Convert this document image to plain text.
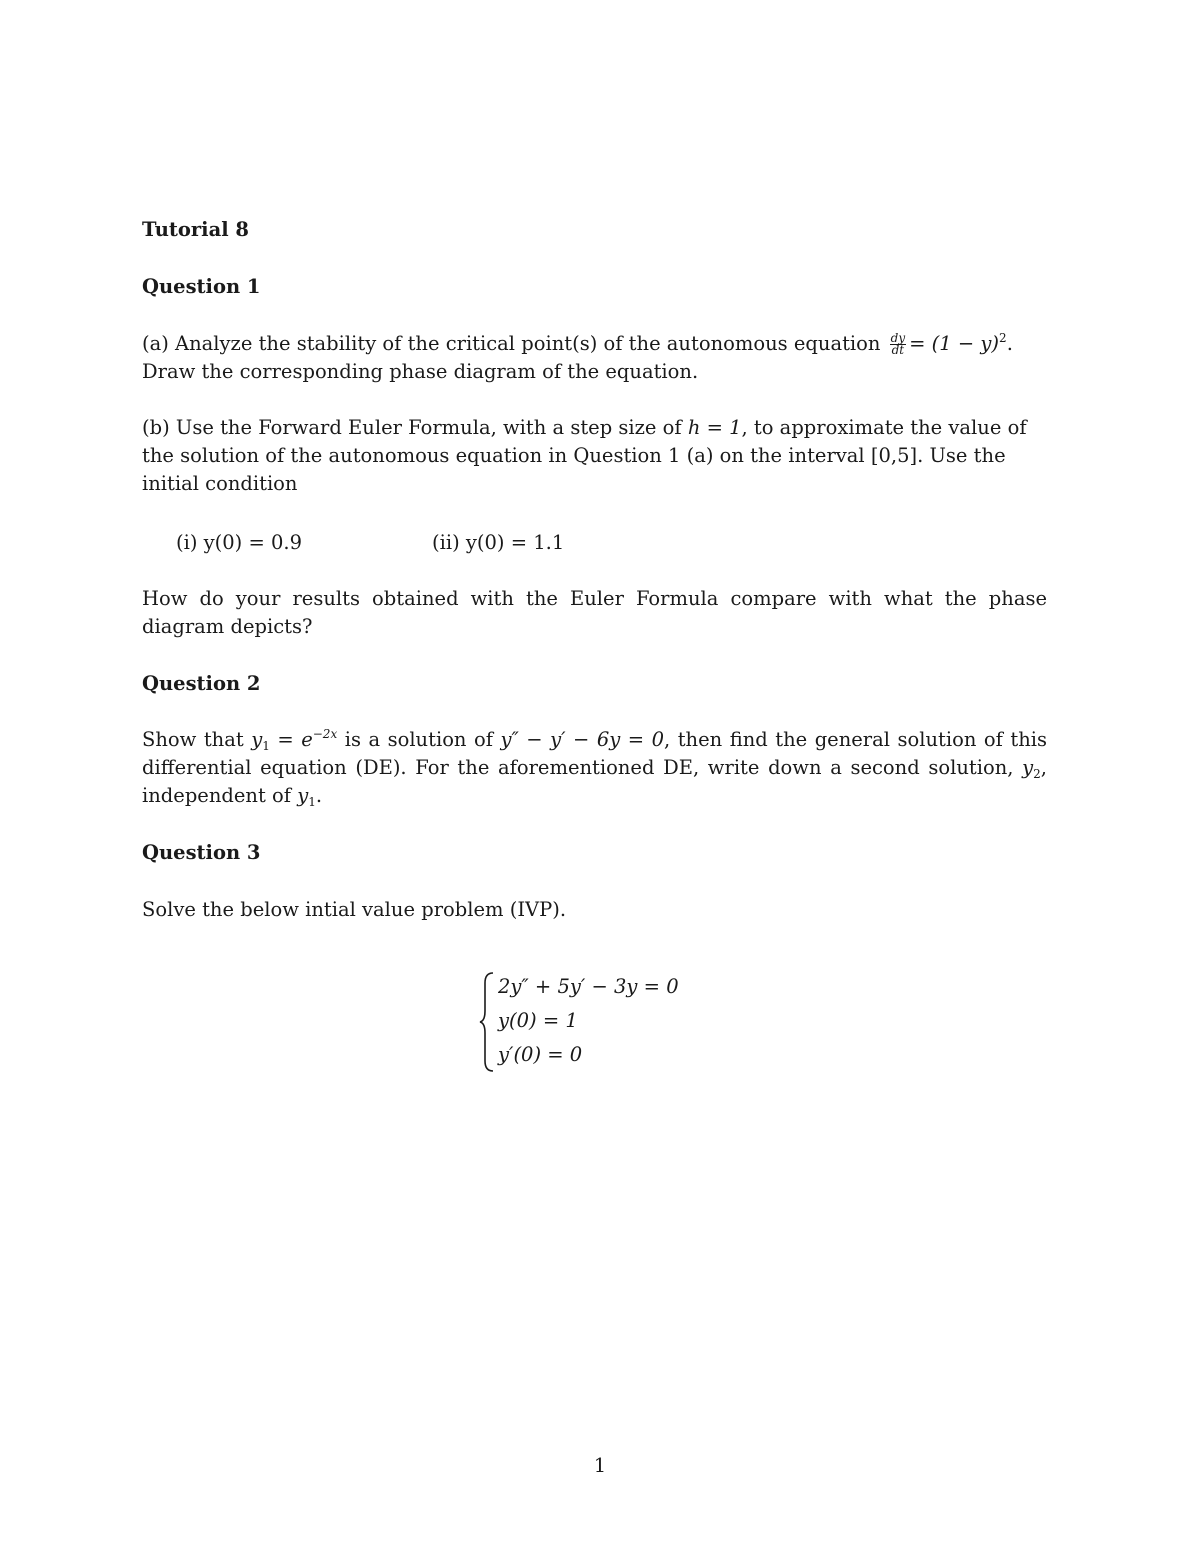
Tutorial 8
Question 1
(a) Analyze the stability of the critical point(s) of the autonomous equation $\frac{dy}{dt} = (1 - y)^2$.
Draw the corresponding phase diagram of the equation.
(b) Use the Forward Euler Formula, with a step size of h = 1, to approximate the value of
the solution of the autonomous equation in Question 1 (a) on the interval [0,5]. Use the
initial condition
(i) y(0) = 0.9	(ii) y(0) = 1.1
How do your results obtained with the Euler Formula compare with what the phase diagram depicts?
Question 2
Show that $y_1 = e^{-2x}$ is a solution of y″ − y′ − 6y = 0, then find the general solution of this differential equation (DE). For the aforementioned DE, write down a second solution, $y_2$, independent of $y_1$.
Question 3
Solve the below intial value problem (IVP).
2y″ + 5y′ − 3y = 0
y(0) = 1
y′(0) = 0
1
